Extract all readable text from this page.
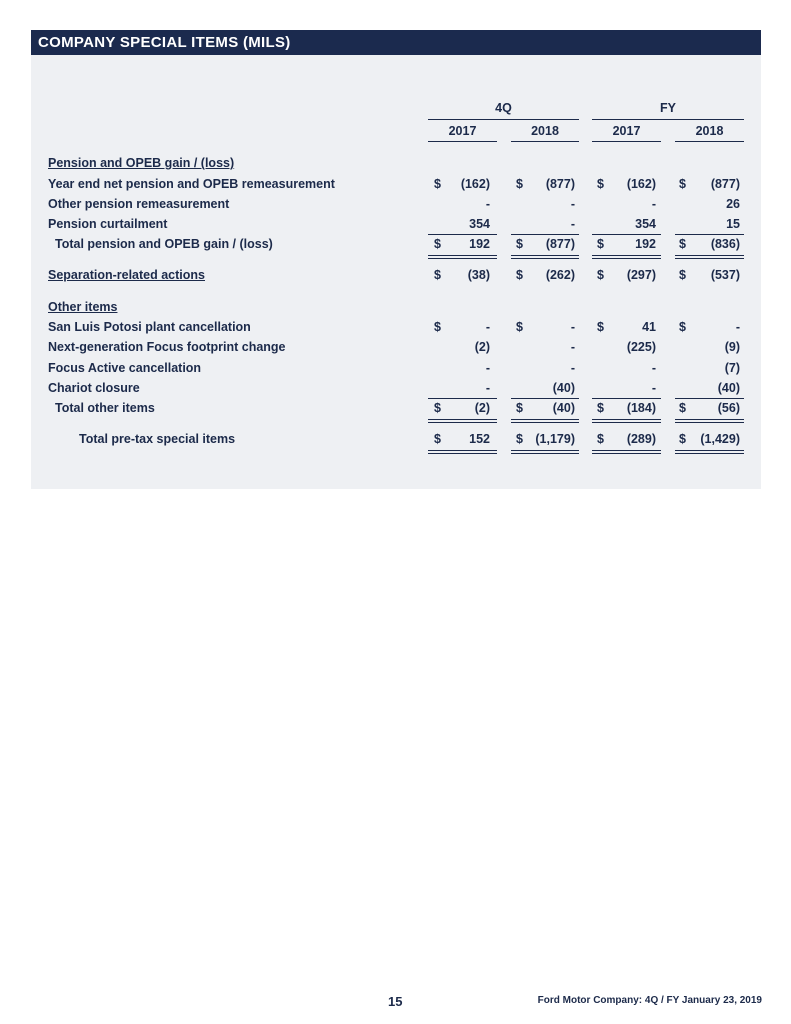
COMPANY SPECIAL ITEMS (MILS)
4Q	FY
2017	2018	2017	2018
Pension and OPEB gain / (loss)
Year end net pension and OPEB remeasurement	$	(162) $	(877) $	(162) $	(877)
Other pension remeasurement	-	-	-	26
Pension curtailment	354	-	354	15
Total pension and OPEB gain / (loss)	$	192 $	(877) $	192 $	(836)
Separation-related actions	$	(38) $	(262) $	(297) $	(537)
Other items
San Luis Potosi plant cancellation	$	- $	- $	41 $	-
Next-generation Focus footprint change	(2)	-	(225)	(9)
Focus Active cancellation	-	-	-	(7)
Chariot closure	-	(40)	-	(40)
Total other items	$	(2) $	(40) $	(184) $	(56)
Total pre-tax special items	$	152 $ (1,179) $	(289) $	(1,429)
15	Ford Motor Company: 4Q / FY January 23, 2019
